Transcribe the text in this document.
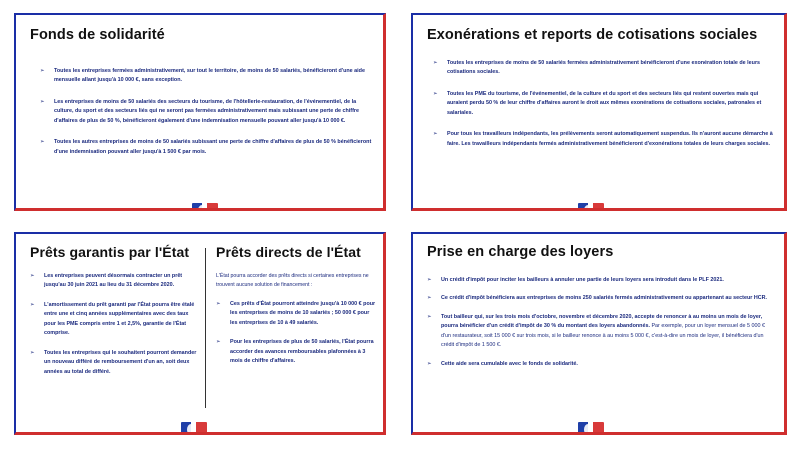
Fonds de solidarité
➢ Toutes les entreprises fermées administrativement, sur tout le territoire, de moins de 50 salariés, bénéficieront d'une aide mensuelle allant jusqu'à 10 000 €, sans exception.
➢ Les entreprises de moins de 50 salariés des secteurs du tourisme, de l'hôtellerie-restauration, de l'événementiel, de la culture, du sport et des secteurs liés qui ne seront pas fermées administrativement mais subissant une perte de chiffre d'affaires de plus de 50 %, bénéficieront également d'une indemnisation mensuelle pouvant aller jusqu'à 10 000 €.
➢ Toutes les autres entreprises de moins de 50 salariés subissant une perte de chiffre d'affaires de plus de 50 % bénéficieront d'une indemnisation pouvant aller jusqu'à 1 500 € par mois.
Exonérations et reports de cotisations sociales
➢ Toutes les entreprises de moins de 50 salariés fermées administrativement bénéficieront d'une exonération totale de leurs cotisations sociales.
➢ Toutes les PME du tourisme, de l'événementiel, de la culture et du sport et des secteurs liés qui restent ouvertes mais qui auraient perdu 50 % de leur chiffre d'affaires auront le droit aux mêmes exonérations de cotisations sociales, patronales et salariales.
➢ Pour tous les travailleurs indépendants, les prélèvements seront automatiquement suspendus. Ils n'auront aucune démarche à faire. Les travailleurs indépendants fermés administrativement bénéficieront d'exonérations totales de leurs charges sociales.
Prêts garantis par l'État
➢ Les entreprises peuvent désormais contracter un prêt jusqu'au 30 juin 2021 au lieu du 31 décembre 2020.
➢ L'amortissement du prêt garanti par l'État pourra être étalé entre une et cinq années supplémentaires avec des taux pour les PME compris entre 1 et 2,5%, garantie de l'État comprise.
➢ Toutes les entreprises qui le souhaitent pourront demander un nouveau différé de remboursement d'un an, soit deux années au total de différé.
Prêts directs de l'État

L'État pourra accorder des prêts directs si certaines entreprises ne trouvent aucune solution de financement :

➢ Ces prêts d'État pourront atteindre jusqu'à 10 000 € pour les entreprises de moins de 10 salariés ; 50 000 € pour les entreprises de 10 à 49 salariés.
➢ Pour les entreprises de plus de 50 salariés, l'État pourra accorder des avances remboursables plafonnées à 3 mois de chiffre d'affaires.
Prise en charge des loyers
➢ Un crédit d'impôt pour inciter les bailleurs à annuler une partie de leurs loyers sera introduit dans le PLF 2021.
➢ Ce crédit d'impôt bénéficiera aux entreprises de moins 250 salariés fermés administrativement ou appartenant au secteur HCR.
➢ Tout bailleur qui, sur les trois mois d'octobre, novembre et décembre 2020, accepte de renoncer à au moins un mois de loyer, pourra bénéficier d'un crédit d'impôt de 30 % du montant des loyers abandonnés. Par exemple, pour un loyer mensuel de 5 000 € d'un restaurateur, soit 15 000 € sur trois mois, si le bailleur renonce à au moins 5 000 €, c'est-à-dire un mois de loyer, il bénéficiera d'un crédit d'impôt de 1 500 €.
➢ Cette aide sera cumulable avec le fonds de solidarité.
